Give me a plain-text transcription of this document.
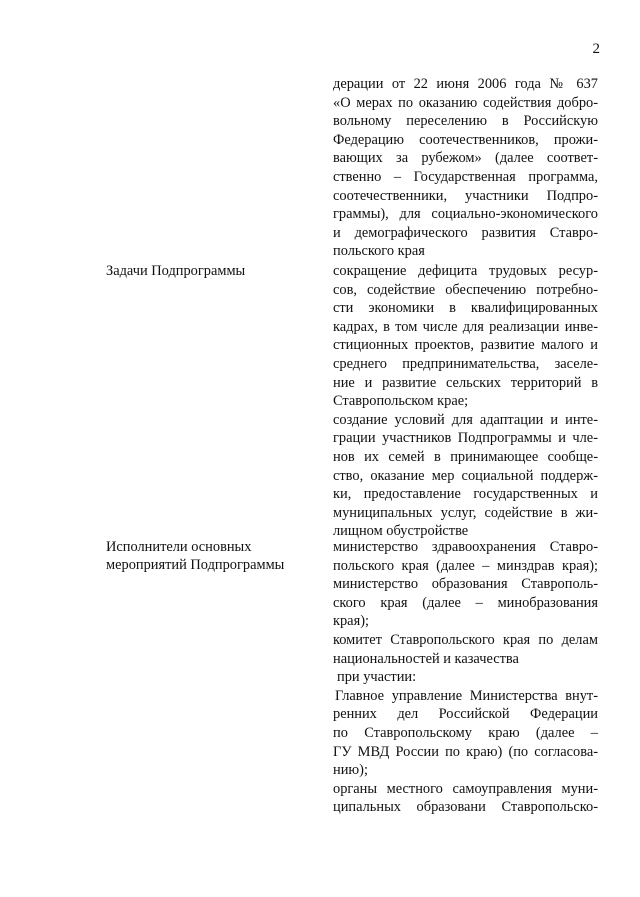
2
дерации от 22 июня 2006 года № 637
«О мерах по оказанию содействия добро-
вольному переселению в Российскую
Федерацию соотечественников, прожи-
вающих за рубежом» (далее соответ-
ственно – Государственная программа,
соотечественники, участники Подпро-
граммы), для социально-экономического
и демографического развития Ставро-
польского края
Задачи Подпрограммы	сокращение дефицита трудовых ресур-
сов, содействие обеспечению потребно-
сти экономики в квалифицированных
кадрах, в том числе для реализации инве-
стиционных проектов, развитие малого и
среднего предпринимательства, заселе-
ние и развитие сельских территорий в
Ставропольском крае;
создание условий для адаптации и интe-
грации участников Подпрограммы и чле-
нов их семей в принимающее сообще-
ство, оказание мер социальной поддерж-
ки, предоставление государственных и
муниципальных услуг, содействие в жи-
лищном обустройстве
Исполнители основных
мероприятий Подпрограммы
министерство здравоохранения Ставро-
польского края (далее – минздрав края);
министерство образования Ставрополь-
ского края (далее – минобразования
края);
комитет Ставропольского края по делам
национальностей и казачества
при участии:
Главное управление Министерства внут-
ренних дел Российской Федерации
по Ставропольскому краю (далее –
ГУ МВД России по краю) (по согласова-
нию);
органы местного самоуправления муни-
ципальных образовани Ставропольско-
